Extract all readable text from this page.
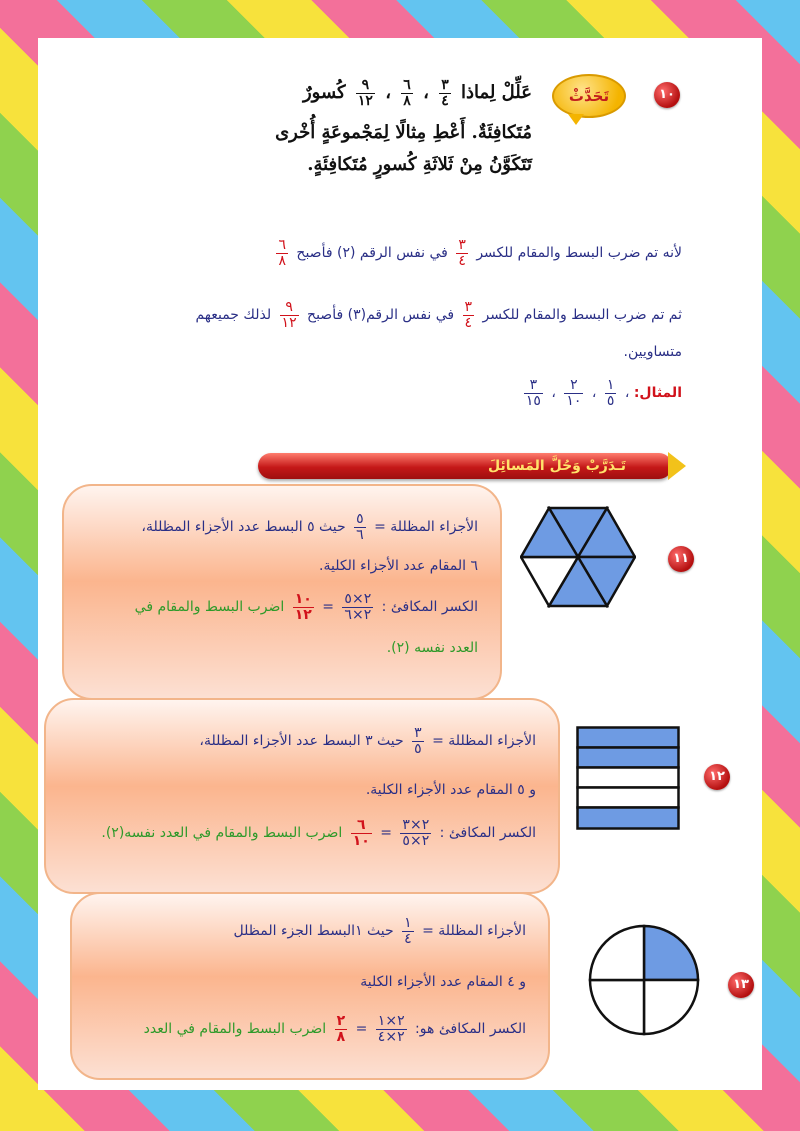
١٠
تَحَدَّثْ
عَلِّلْ لِماذا
$\frac{٣}{٤}$
،
$\frac{٦}{٨}$
،
$\frac{٩}{١٢}$
كُسورٌ
مُتَكافِئَةٌ. أَعْطِ مِثالًا لِمَجْموعَةٍ أُخْرى
تَتَكَوَّنُ مِنْ ثَلاثَةِ كُسورٍ مُتَكافِئَةٍ.
لأنه تم ضرب البسط والمقام للكسر
$\frac{٣}{٤}$
في نفس الرقم (٢) فأصبح
$\frac{٦}{٨}$
ثم تم ضرب البسط والمقام للكسر
$\frac{٣}{٤}$
في نفس الرقم(٣) فأصبح
$\frac{٩}{١٢}$
لذلك جميعهم
متساويين.
المثال: ،
$\frac{١}{٥}$
،
$\frac{٢}{١٠}$
،
$\frac{٣}{١٥}$
تَـدَرَّبْ وَحُلَّ المَسائِلَ
الأجزاء المظللة =
$\frac{٥}{٦}$
حيث ٥ البسط عدد الأجزاء المظللة،
٦ المقام عدد الأجزاء الكلية.
الكسر المكافئ :
$\frac{٢\times ٥}{٢\times ٦}$
=
$\frac{١٠}{١٢}$
اضرب البسط والمقام في
العدد نفسه (٢).
١١
الأجزاء المظللة =
$\frac{٣}{٥}$
حيث ٣ البسط عدد الأجزاء المظللة،
و ٥ المقام عدد الأجزاء الكلية.
الكسر المكافئ :
$\frac{٢\times ٣}{٢\times ٥}$
=
$\frac{٦}{١٠}$
اضرب البسط والمقام في العدد نفسه(٢).
١٢
الأجزاء المظللة =
$\frac{١}{٤}$
حيث ١البسط الجزء المظلل
و ٤ المقام عدد الأجزاء الكلية
الكسر المكافئ هو:
$\frac{٢\times ١}{٢\times ٤}$
=
$\frac{٢}{٨}$
اضرب البسط والمقام في العدد
١٣
